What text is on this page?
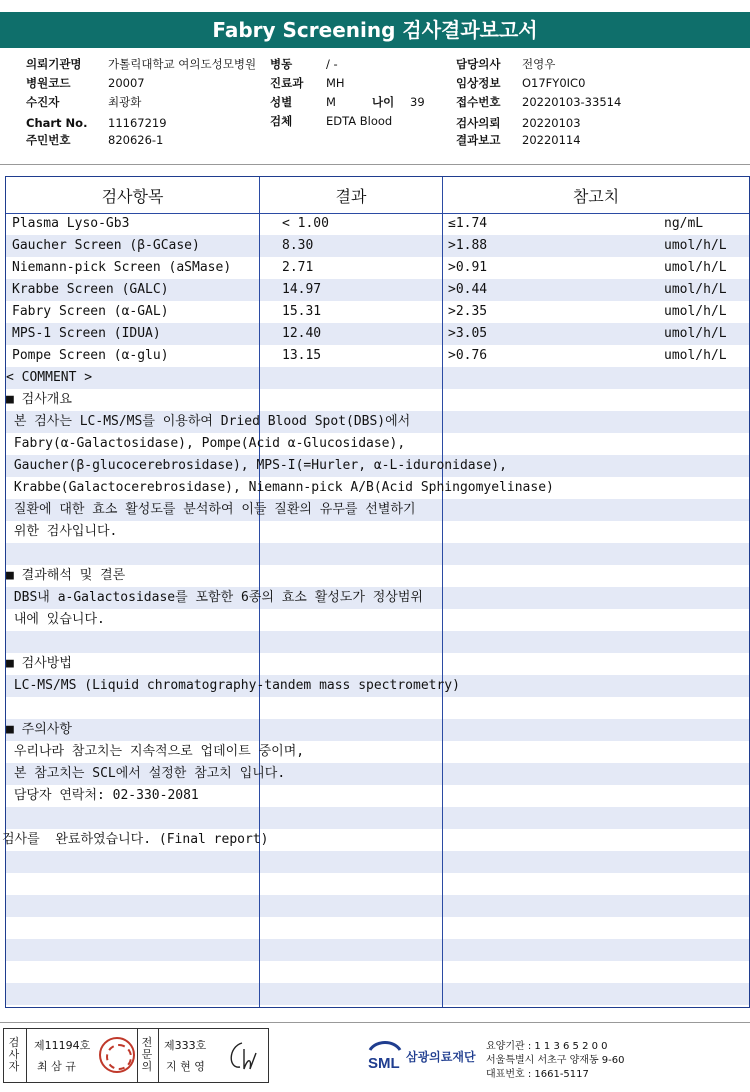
Fabry Screening 검사결과보고서
의뢰기관명 가톨릭대학교 여의도성모병원
병원코드	20007
수진자	최광화
Chart No. 11167219
주민번호	820626-1
병동	/ -
진료과 MH
성별	M	나이 39
검체	EDTA Blood
담당의사 전영우
임상정보 O17FY0IC0
접수번호 20220103-33514
검사의뢰 20220103
결과보고 20220114
검사항목	결과	참고치
Plasma Lyso-Gb3	< 1.00	≤1.74	ng/mL
Gaucher Screen (β-GCase)	8.30	>1.88	umol/h/L
Niemann-pick Screen (aSMase)	2.71	>0.91	umol/h/L
Krabbe Screen (GALC)	14.97	>0.44	umol/h/L
Fabry Screen (α-GAL)	15.31	>2.35	umol/h/L
MPS-1 Screen (IDUA)	12.40	>3.05	umol/h/L
Pompe Screen (α-glu)	13.15	>0.76	umol/h/L
< COMMENT >
■ 검사개요
본 검사는 LC-MS/MS를 이용하여 Dried Blood Spot(DBS)에서
Fabry(α-Galactosidase), Pompe(Acid α-Glucosidase),
Gaucher(β-glucocerebrosidase), MPS-I(=Hurler, α-L-iduronidase),
Krabbe(Galactocerebrosidase), Niemann-pick A/B(Acid Sphingomyelinase)
질환에 대한 효소 활성도를 분석하여 이들 질환의 유무를 선별하기
위한 검사입니다.
■ 결과해석 및 결론
DBS내 a-Galactosidase를 포함한 6종의 효소 활성도가 정상범위
내에 있습니다.
■ 검사방법
LC-MS/MS (Liquid chromatography-tandem mass spectrometry)
■ 주의사항
우리나라 참고치는 지속적으로 업데이트 중이며,
본 참고치는 SCL에서 설정한 참고치 입니다.
담당자 연락처: 02-330-2081
검사를  완료하였습니다. (Final report)
검사자
제11194호
최 삼 규
전문의
제333호
지 현 영	SML 삼광의료재단
요양기관 : 1 1 3 6 5 2 0 0
서울특별시 서초구 양재동 9-60
대표번호 : 1661-5117
